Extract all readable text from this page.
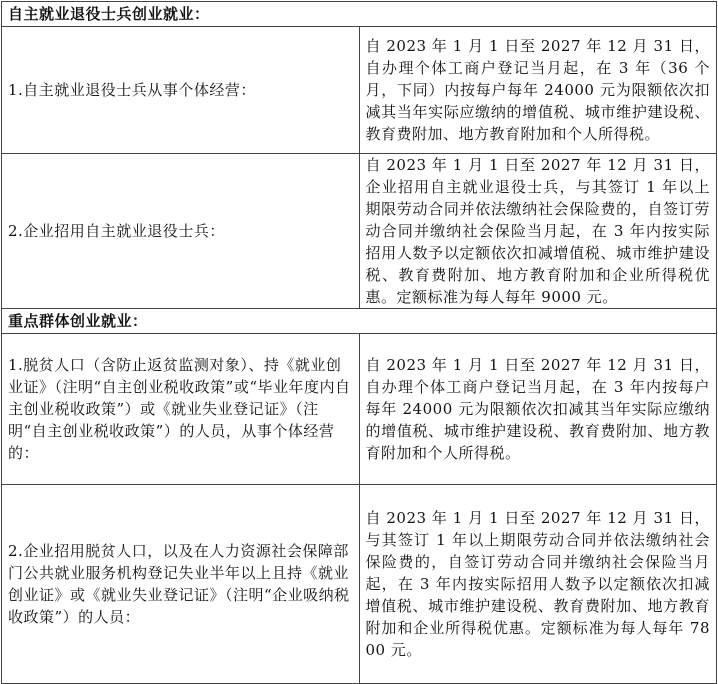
自主就业退役士兵创业就业：	
1.自主就业退役士兵从事个体经营：	自 2023 年 1 月 1 日至 2027 年 12 月 31 日，自办理个体工商户登记当月起，在 3 年（36 个月，下同）内按每户每年 24000 元为限额依次扣减其当年实际应缴纳的增值税、城市维护建设税、教育费附加、地方教育附加和个人所得税。
2.企业招用自主就业退役士兵：	自 2023 年 1 月 1 日至 2027 年 12 月 31 日，企业招用自主就业退役士兵，与其签订 1 年以上期限劳动合同并依法缴纳社会保险费的，自签订劳动合同并缴纳社会保险当月起，在 3 年内按实际招用人数予以定额依次扣减增值税、城市维护建设税、教育费附加、地方教育附加和企业所得税优惠。定额标准为每人每年 9000 元。
重点群体创业就业：	
1.脱贫人口（含防止返贫监测对象）、持《就业创业证》（注明“自主创业税收政策”或“毕业年度内自主创业税收政策”）或《就业失业登记证》（注明“自主创业税收政策”）的人员，从事个体经营的：	自 2023 年 1 月 1 日至 2027 年 12 月 31 日，自办理个体工商户登记当月起，在 3 年内按每户每年 24000 元为限额依次扣减其当年实际应缴纳的增值税、城市维护建设税、教育费附加、地方教育附加和个人所得税。
2.企业招用脱贫人口，以及在人力资源社会保障部门公共就业服务机构登记失业半年以上且持《就业创业证》或《就业失业登记证》（注明“企业吸纳税收政策”）的人员：	自 2023 年 1 月 1 日至 2027 年 12 月 31 日，与其签订 1 年以上期限劳动合同并依法缴纳社会保险费的，自签订劳动合同并缴纳社会保险当月起，在 3 年内按实际招用人数予以定额依次扣减增值税、城市维护建设税、教育费附加、地方教育附加和企业所得税优惠。定额标准为每人每年 7800 元。
